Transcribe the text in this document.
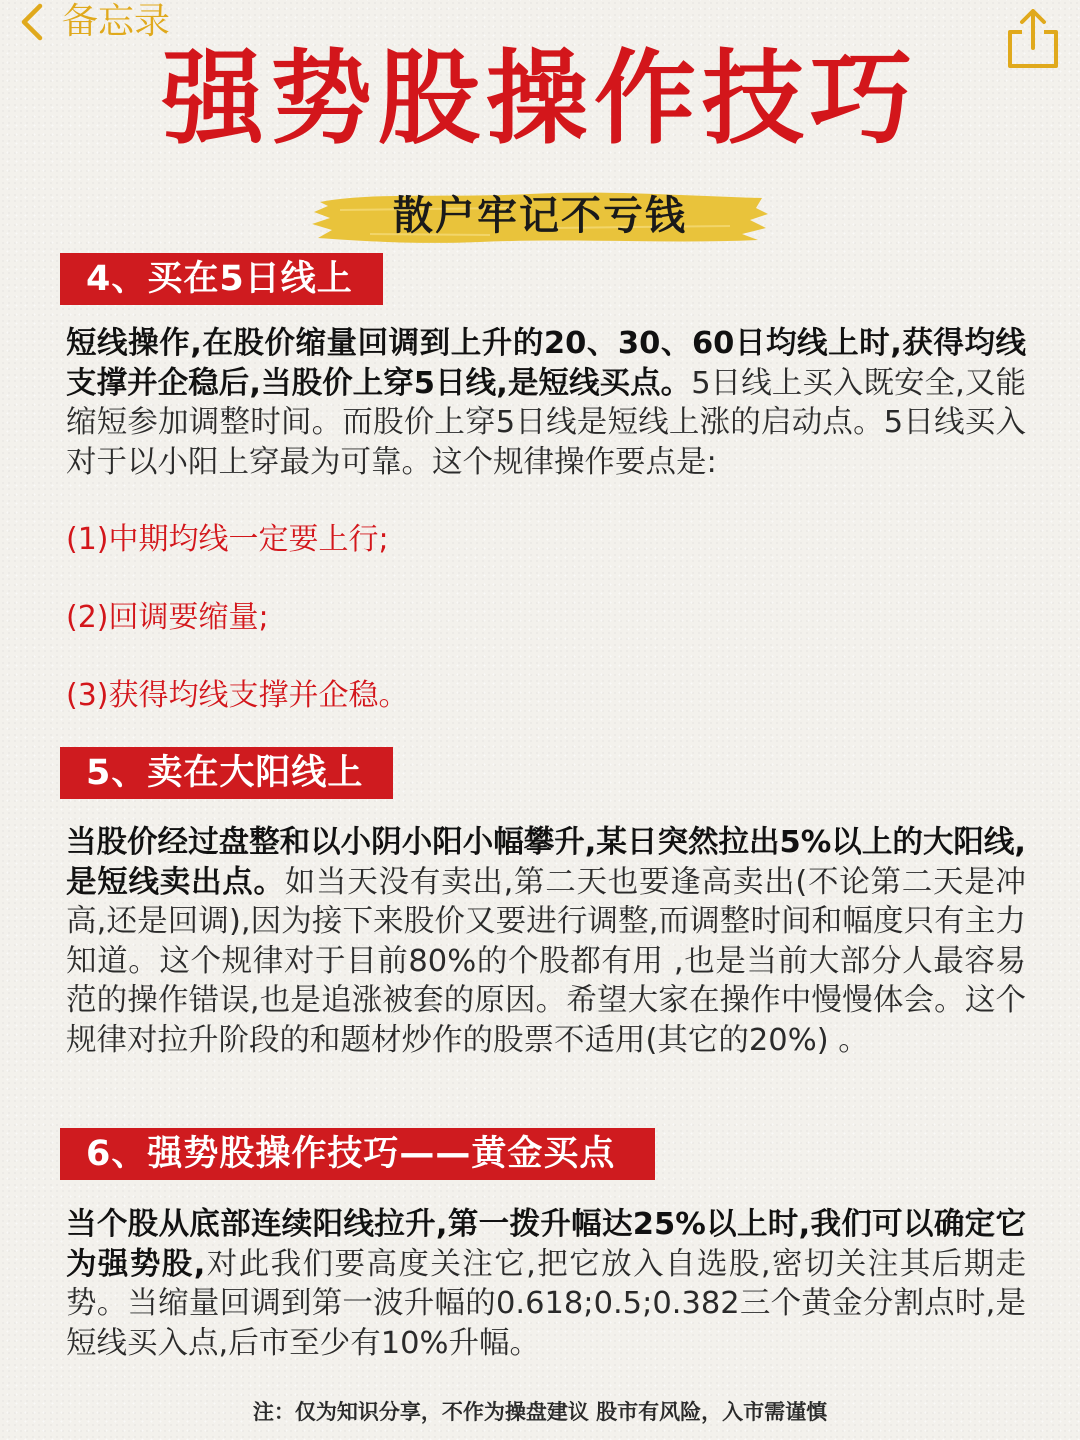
备忘录
强势股操作技巧
散户牢记不亏钱
4、买在5日线上
短线操作,在股价缩量回调到上升的20、30、60日均线上时,获得均线支撑并企稳后,当股价上穿5日线,是短线买点。5日线上买入既安全,又能缩短参加调整时间。而股价上穿5日线是短线上涨的启动点。5日线买入对于以小阳上穿最为可靠。这个规律操作要点是:
(1)中期均线一定要上行;
(2)回调要缩量;
(3)获得均线支撑并企稳。
5、卖在大阳线上
当股价经过盘整和以小阴小阳小幅攀升,某日突然拉出5%以上的大阳线,是短线卖出点。如当天没有卖出,第二天也要逢高卖出(不论第二天是冲高,还是回调),因为接下来股价又要进行调整,而调整时间和幅度只有主力知道。这个规律对于目前80%的个股都有用 ,也是当前大部分人最容易范的操作错误,也是追涨被套的原因。希望大家在操作中慢慢体会。这个规律对拉升阶段的和题材炒作的股票不适用(其它的20%) 。
6、强势股操作技巧——黄金买点
当个股从底部连续阳线拉升,第一拨升幅达25%以上时,我们可以确定它为强势股,对此我们要高度关注它,把它放入自选股,密切关注其后期走势。当缩量回调到第一波升幅的0.618;0.5;0.382三个黄金分割点时,是短线买入点,后市至少有10%升幅。
注：仅为知识分享，不作为操盘建议 股市有风险，入市需谨慎
